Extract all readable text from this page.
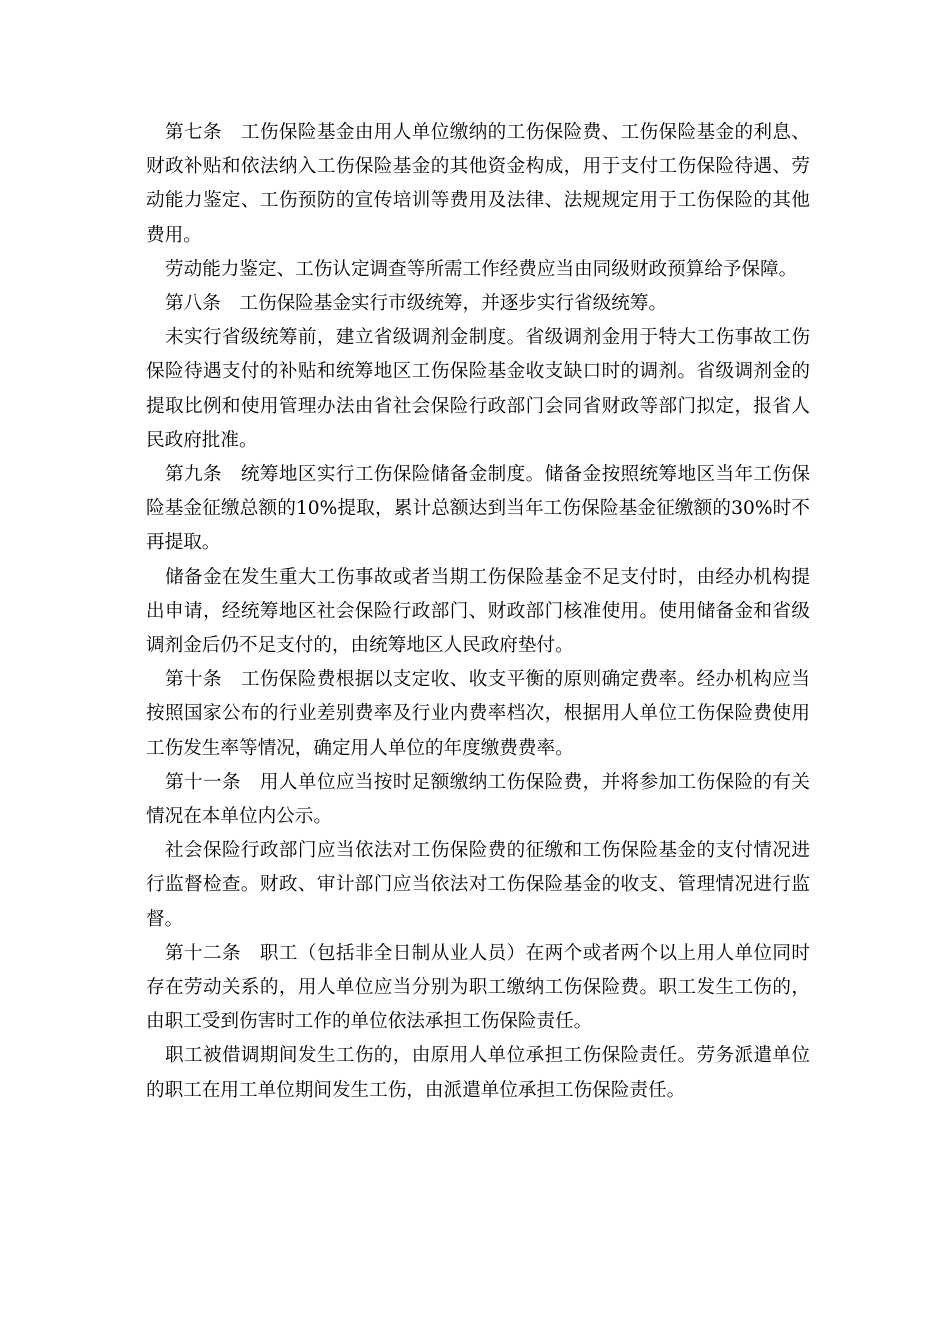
第七条　工伤保险基金由用人单位缴纳的工伤保险费、工伤保险基金的利息、财政补贴和依法纳入工伤保险基金的其他资金构成，用于支付工伤保险待遇、劳动能力鉴定、工伤预防的宣传培训等费用及法律、法规规定用于工伤保险的其他费用。

劳动能力鉴定、工伤认定调查等所需工作经费应当由同级财政预算给予保障。

第八条　工伤保险基金实行市级统筹，并逐步实行省级统筹。

未实行省级统筹前，建立省级调剂金制度。省级调剂金用于特大工伤事故工伤保险待遇支付的补贴和统筹地区工伤保险基金收支缺口时的调剂。省级调剂金的提取比例和使用管理办法由省社会保险行政部门会同省财政等部门拟定，报省人民政府批准。

第九条　统筹地区实行工伤保险储备金制度。储备金按照统筹地区当年工伤保险基金征缴总额的10%提取，累计总额达到当年工伤保险基金征缴额的30%时不再提取。

储备金在发生重大工伤事故或者当期工伤保险基金不足支付时，由经办机构提出申请，经统筹地区社会保险行政部门、财政部门核准使用。使用储备金和省级调剂金后仍不足支付的，由统筹地区人民政府垫付。

第十条　工伤保险费根据以支定收、收支平衡的原则确定费率。经办机构应当按照国家公布的行业差别费率及行业内费率档次，根据用人单位工伤保险费使用工伤发生率等情况，确定用人单位的年度缴费费率。

第十一条　用人单位应当按时足额缴纳工伤保险费，并将参加工伤保险的有关情况在本单位内公示。

社会保险行政部门应当依法对工伤保险费的征缴和工伤保险基金的支付情况进行监督检查。财政、审计部门应当依法对工伤保险基金的收支、管理情况进行监督。

第十二条　职工（包括非全日制从业人员）在两个或者两个以上用人单位同时存在劳动关系的，用人单位应当分别为职工缴纳工伤保险费。职工发生工伤的，由职工受到伤害时工作的单位依法承担工伤保险责任。

职工被借调期间发生工伤的，由原用人单位承担工伤保险责任。劳务派遣单位的职工在用工单位期间发生工伤，由派遣单位承担工伤保险责任。
